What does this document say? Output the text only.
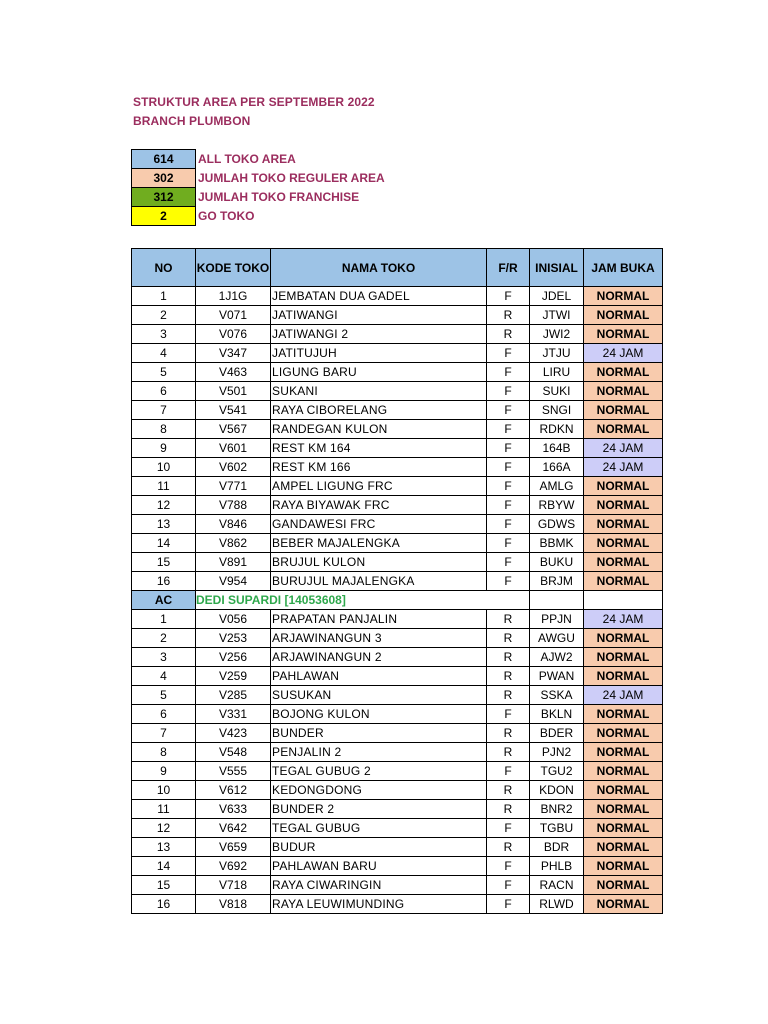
STRUKTUR AREA PER SEPTEMBER 2022
BRANCH PLUMBON
614	ALL TOKO AREA
302	JUMLAH TOKO REGULER AREA
312	JUMLAH TOKO FRANCHISE
2	GO TOKO
NO	KODE TOKO	NAMA TOKO	F/R	INISIAL	JAM BUKA
1	1J1G	JEMBATAN DUA GADEL	F	JDEL	NORMAL
2	V071	JATIWANGI	R	JTWI	NORMAL
3	V076	JATIWANGI 2	R	JWI2	NORMAL
4	V347	JATITUJUH	F	JTJU	24 JAM
5	V463	LIGUNG BARU	F	LIRU	NORMAL
6	V501	SUKANI	F	SUKI	NORMAL
7	V541	RAYA CIBORELANG	F	SNGI	NORMAL
8	V567	RANDEGAN KULON	F	RDKN	NORMAL
9	V601	REST KM 164	F	164B	24 JAM
10	V602	REST KM 166	F	166A	24 JAM
11	V771	AMPEL LIGUNG FRC	F	AMLG	NORMAL
12	V788	RAYA BIYAWAK FRC	F	RBYW	NORMAL
13	V846	GANDAWESI FRC	F	GDWS	NORMAL
14	V862	BEBER MAJALENGKA	F	BBMK	NORMAL
15	V891	BRUJUL KULON	F	BUKU	NORMAL
16	V954	BURUJUL MAJALENGKA	F	BRJM	NORMAL
AC	DEDI SUPARDI [14053608]				
1	V056	PRAPATAN PANJALIN	R	PPJN	24 JAM
2	V253	ARJAWINANGUN 3	R	AWGU	NORMAL
3	V256	ARJAWINANGUN 2	R	AJW2	NORMAL
4	V259	PAHLAWAN	R	PWAN	NORMAL
5	V285	SUSUKAN	R	SSKA	24 JAM
6	V331	BOJONG KULON	F	BKLN	NORMAL
7	V423	BUNDER	R	BDER	NORMAL
8	V548	PENJALIN 2	R	PJN2	NORMAL
9	V555	TEGAL GUBUG 2	F	TGU2	NORMAL
10	V612	KEDONGDONG	R	KDON	NORMAL
11	V633	BUNDER 2	R	BNR2	NORMAL
12	V642	TEGAL GUBUG	F	TGBU	NORMAL
13	V659	BUDUR	R	BDR	NORMAL
14	V692	PAHLAWAN BARU	F	PHLB	NORMAL
15	V718	RAYA CIWARINGIN	F	RACN	NORMAL
16	V818	RAYA LEUWIMUNDING	F	RLWD	NORMAL
